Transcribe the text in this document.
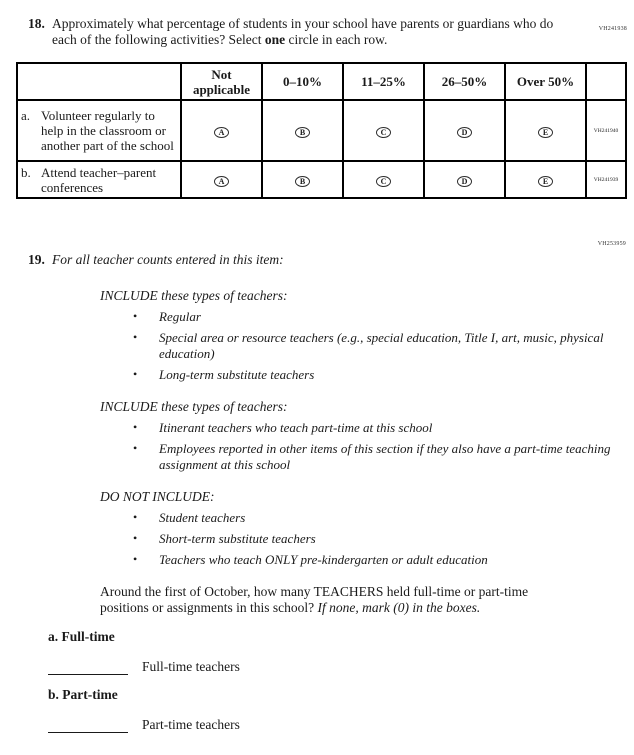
VH241938
18. Approximately what percentage of students in your school have parents or guardians who do each of the following activities? Select one circle in each row.
	Not applicable	0–10%	11–25%	26–50%	Over 50%	

a. Volunteer regularly to help in the classroom or another part of the school	A	B	C	D	E	VH241940

b. Attend teacher–parent conferences	A	B	C	D	E	VH241939
VH253959
19. For all teacher counts entered in this item:
INCLUDE these types of teachers:
•	Regular
•	Special area or resource teachers (e.g., special education, Title I, art, music, physical education)
•	Long-term substitute teachers
INCLUDE these types of teachers:
•	Itinerant teachers who teach part-time at this school
•	Employees reported in other items of this section if they also have a part-time teaching assignment at this school
DO NOT INCLUDE:
•	Student teachers
•	Short-term substitute teachers
•	Teachers who teach ONLY pre-kindergarten or adult education
Around the first of October, how many TEACHERS held full-time or part-time positions or assignments in this school? If none, mark (0) in the boxes.
a. Full-time
Full-time teachers
b. Part-time
Part-time teachers
